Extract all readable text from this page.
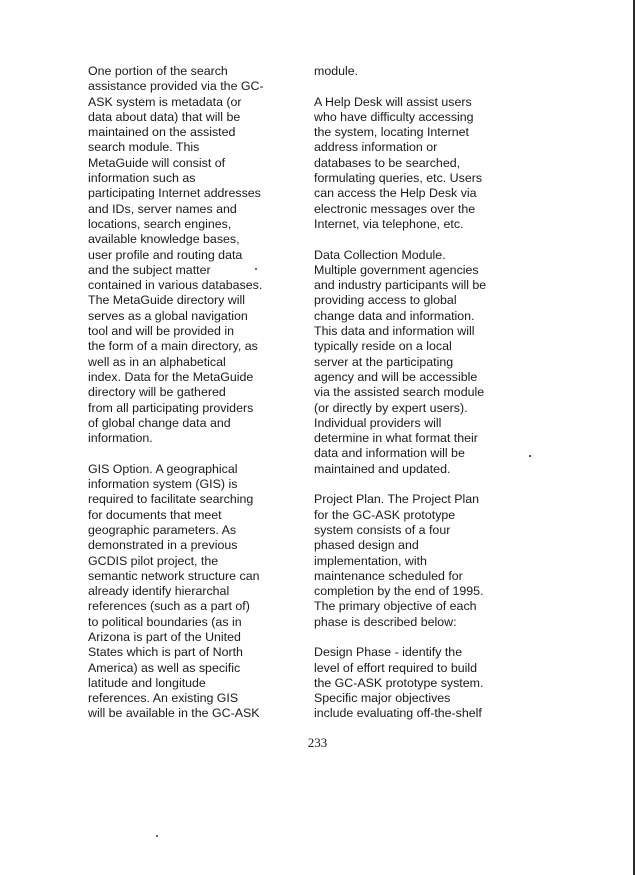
One portion of the search
assistance provided via the GC-
ASK system is metadata (or
data about data) that will be
maintained on the assisted
search module. This
MetaGuide will consist of
information such as
participating Internet addresses
and IDs, server names and
locations, search engines,
available knowledge bases,
user profile and routing data
and the subject matter
contained in various databases.
The MetaGuide directory will
serves as a global navigation
tool and will be provided in
the form of a main directory, as
well as in an alphabetical
index. Data for the MetaGuide
directory will be gathered
from all participating providers
of global change data and
information.
GIS Option. A geographical
information system (GIS) is
required to facilitate searching
for documents that meet
geographic parameters. As
demonstrated in a previous
GCDIS pilot project, the
semantic network structure can
already identify hierarchal
references (such as a part of)
to political boundaries (as in
Arizona is part of the United
States which is part of North
America) as well as specific
latitude and longitude
references. An existing GIS
will be available in the GC-ASK
module.
A Help Desk will assist users
who have difficulty accessing
the system, locating Internet
address information or
databases to be searched,
formulating queries, etc. Users
can access the Help Desk via
electronic messages over the
Internet, via telephone, etc.
Data Collection Module.
Multiple government agencies
and industry participants will be
providing access to global
change data and information.
This data and information will
typically reside on a local
server at the participating
agency and will be accessible
via the assisted search module
(or directly by expert users).
Individual providers will
determine in what format their
data and information will be
maintained and updated.
Project Plan. The Project Plan
for the GC-ASK prototype
system consists of a four
phased design and
implementation, with
maintenance scheduled for
completion by the end of 1995.
The primary objective of each
phase is described below:
Design Phase - identify the
level of effort required to build
the GC-ASK prototype system.
Specific major objectives
include evaluating off-the-shelf
233
